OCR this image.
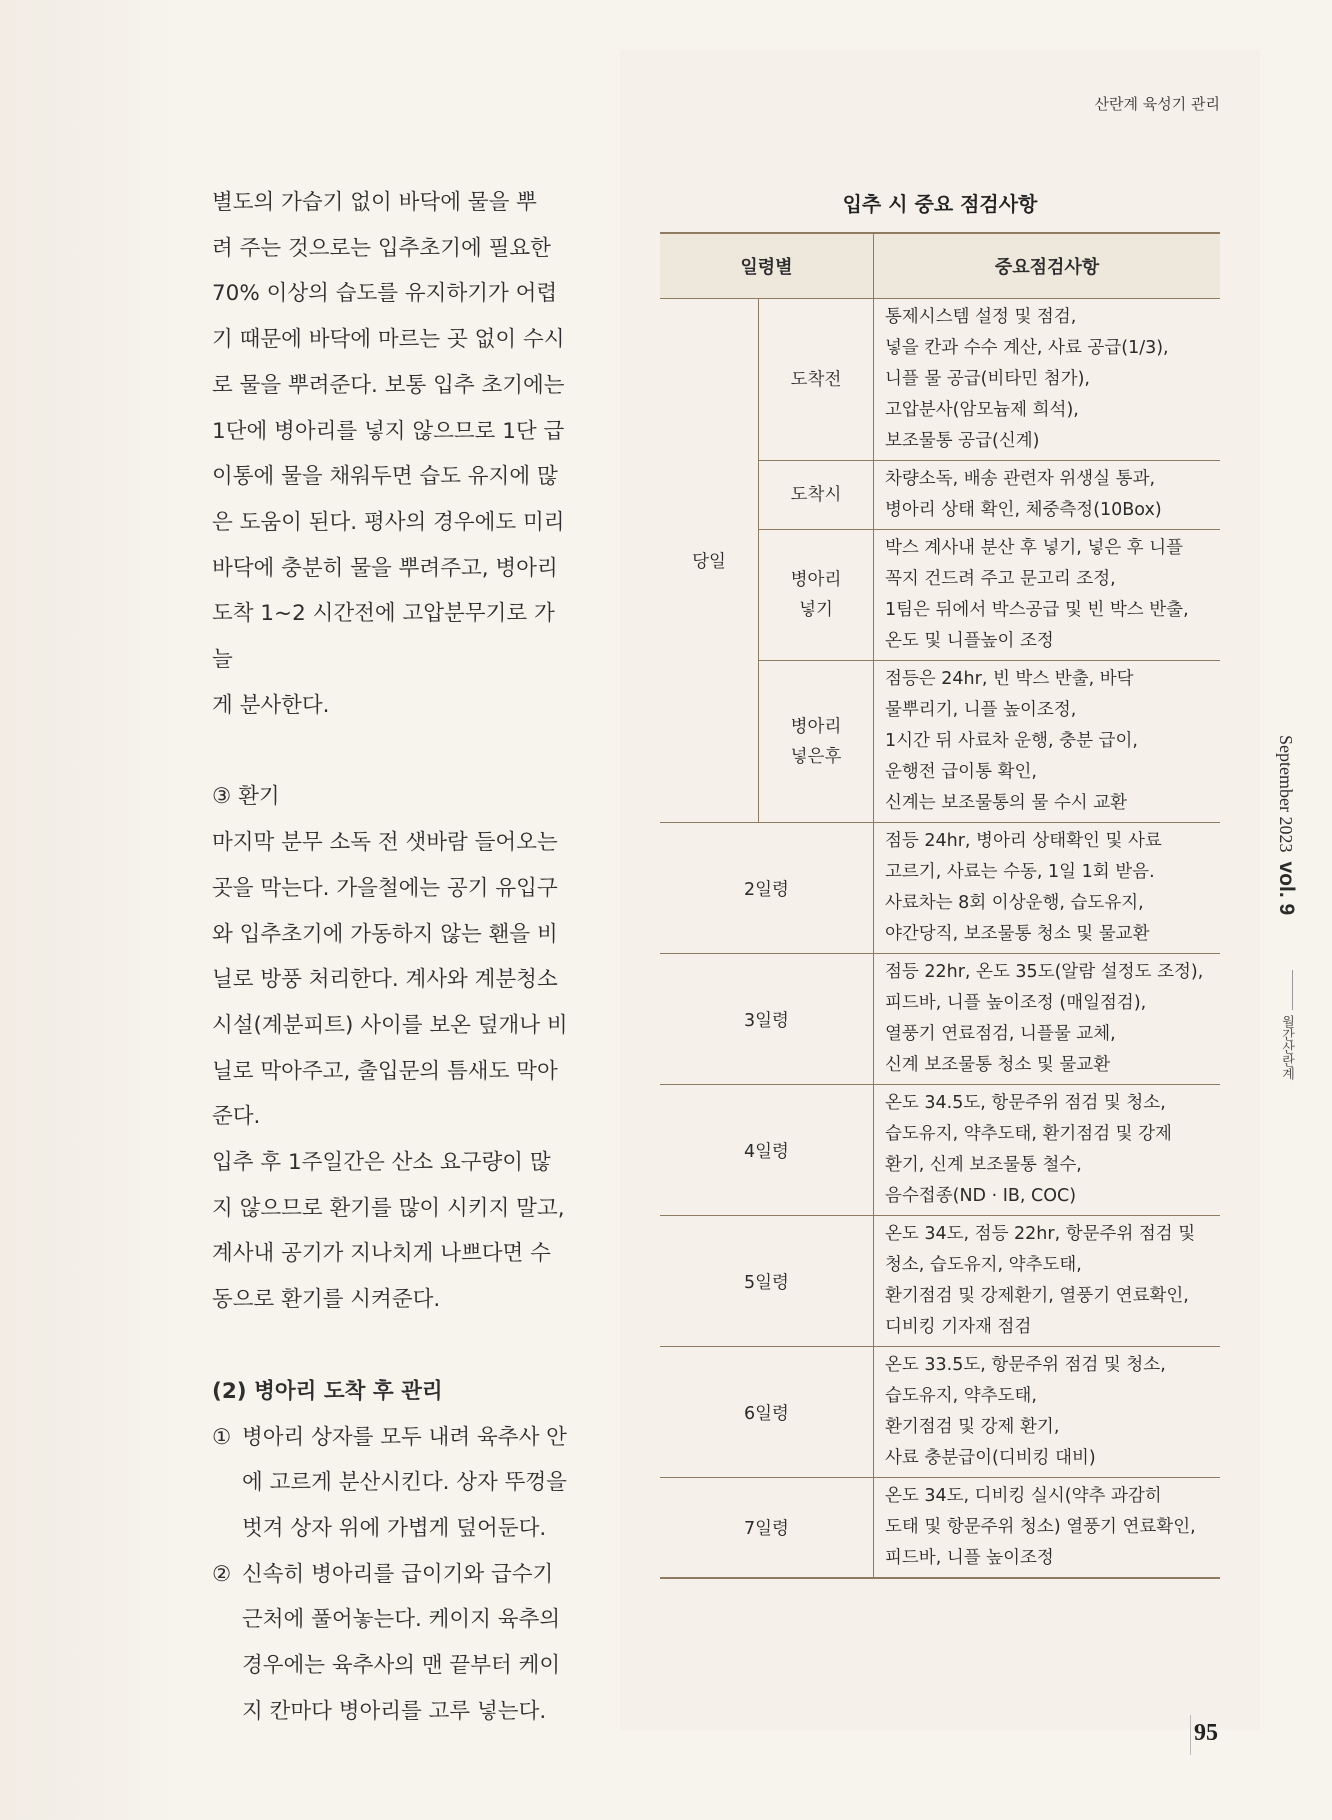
산란계 육성기 관리

별도의 가습기 없이 바닥에 물을 뿌
려 주는 것으로는 입추초기에 필요한
70% 이상의 습도를 유지하기가 어렵
기 때문에 바닥에 마르는 곳 없이 수시
로 물을 뿌려준다. 보통 입추 초기에는
1단에 병아리를 넣지 않으므로 1단 급
이통에 물을 채워두면 습도 유지에 많
은 도움이 된다. 평사의 경우에도 미리
바닥에 충분히 물을 뿌려주고, 병아리
도착 1~2 시간전에 고압분무기로 가늘
게 분사한다.

③ 환기

마지막 분무 소독 전 샛바람 들어오는
곳을 막는다. 가을철에는 공기 유입구
와 입추초기에 가동하지 않는 홴을 비
닐로 방풍 처리한다. 계사와 계분청소
시설(계분피트) 사이를 보온 덮개나 비
닐로 막아주고, 출입문의 틈새도 막아
준다.

입추 후 1주일간은 산소 요구량이 많
지 않으므로 환기를 많이 시키지 말고,
계사내 공기가 지나치게 나쁘다면 수
동으로 환기를 시켜준다.

(2) 병아리 도착 후 관리

① 병아리 상자를 모두 내려 육추사 안
에 고르게 분산시킨다. 상자 뚜껑을
벗겨 상자 위에 가볍게 덮어둔다.
② 신속히 병아리를 급이기와 급수기
근처에 풀어놓는다. 케이지 육추의
경우에는 육추사의 맨 끝부터 케이
지 칸마다 병아리를 고루 넣는다.
입추 시 중요 점검사항
일령별		중요점검사항
당일	도착전	통제시스템 설정 및 점검,
넣을 칸과 수수 계산, 사료 공급(1/3),
니플 물 공급(비타민 첨가),
고압분사(암모늄제 희석),
보조물통 공급(신계)
	도착시	차량소독, 배송 관련자 위생실 통과,
병아리 상태 확인, 체중측정(10Box)
	병아리
넣기	박스 계사내 분산 후 넣기, 넣은 후 니플
꼭지 건드려 주고 문고리 조정,
1팀은 뒤에서 박스공급 및 빈 박스 반출,
온도 및 니플높이 조정
	병아리
넣은후	점등은 24hr, 빈 박스 반출, 바닥
물뿌리기, 니플 높이조정,
1시간 뒤 사료차 운행, 충분 급이,
운행전 급이통 확인,
신계는 보조물통의 물 수시 교환
2일령		점등 24hr, 병아리 상태확인 및 사료
고르기, 사료는 수동, 1일 1회 받음.
사료차는 8회 이상운행, 습도유지,
야간당직, 보조물통 청소 및 물교환
3일령		점등 22hr, 온도 35도(알람 설정도 조정),
피드바, 니플 높이조정 (매일점검),
열풍기 연료점검, 니플물 교체,
신계 보조물통 청소 및 물교환
4일령		온도 34.5도, 항문주위 점검 및 청소,
습도유지, 약추도태, 환기점검 및 강제
환기, 신계 보조물통 철수,
음수접종(ND · IB, COC)
5일령		온도 34도, 점등 22hr, 항문주위 점검 및
청소, 습도유지, 약추도태,
환기점검 및 강제환기, 열풍기 연료확인,
디비킹 기자재 점검
6일령		온도 33.5도, 항문주위 점검 및 청소,
습도유지, 약추도태,
환기점검 및 강제 환기,
사료 충분급이(디비킹 대비)
7일령		온도 34도, 디비킹 실시(약추 과감히
도태 및 항문주위 청소) 열풍기 연료확인,
피드바, 니플 높이조정
September 2023  vol. 9
월간산란계
95
